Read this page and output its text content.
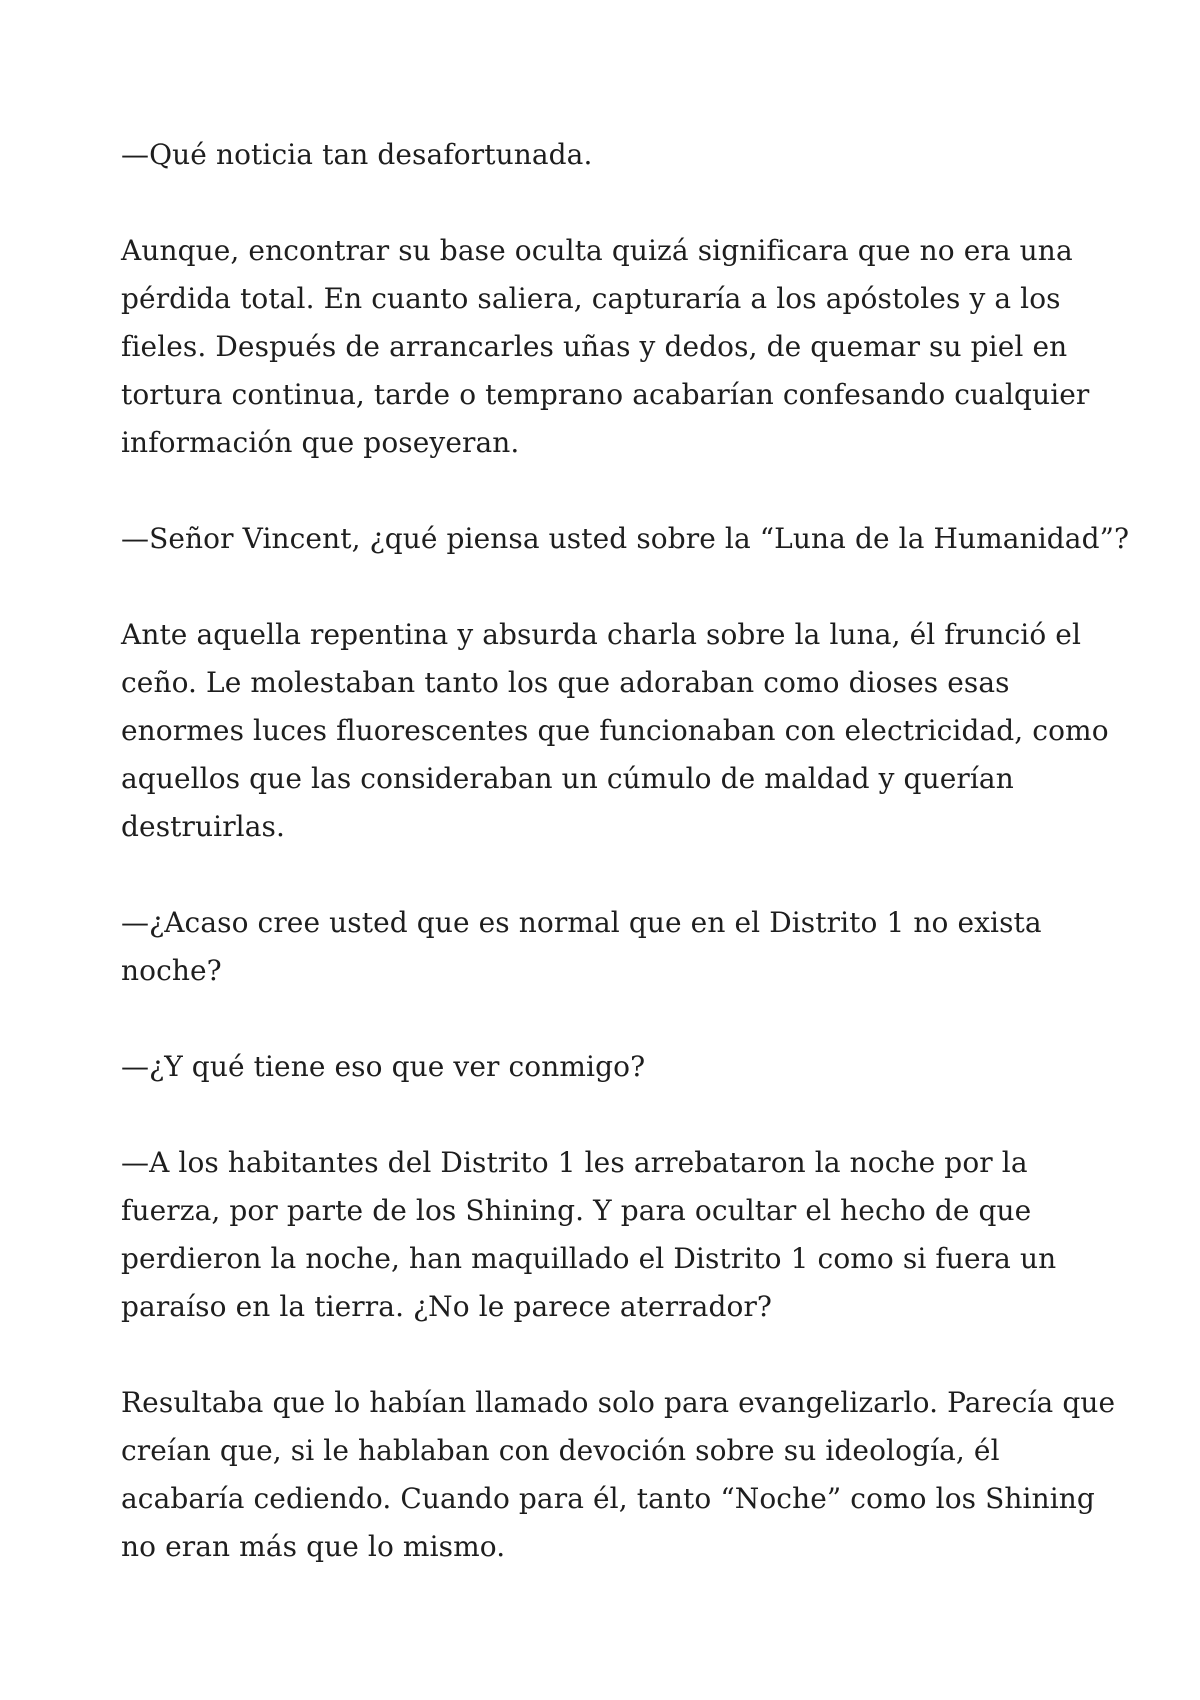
—Qué noticia tan desafortunada.

Aunque, encontrar su base oculta quizá significara que no era una
pérdida total. En cuanto saliera, capturaría a los apóstoles y a los
fieles. Después de arrancarles uñas y dedos, de quemar su piel en
tortura continua, tarde o temprano acabarían confesando cualquier
información que poseyeran.

—Señor Vincent, ¿qué piensa usted sobre la “Luna de la Humanidad”?

Ante aquella repentina y absurda charla sobre la luna, él frunció el
ceño. Le molestaban tanto los que adoraban como dioses esas
enormes luces fluorescentes que funcionaban con electricidad, como
aquellos que las consideraban un cúmulo de maldad y querían
destruirlas.

—¿Acaso cree usted que es normal que en el Distrito 1 no exista
noche?

—¿Y qué tiene eso que ver conmigo?

—A los habitantes del Distrito 1 les arrebataron la noche por la
fuerza, por parte de los Shining. Y para ocultar el hecho de que
perdieron la noche, han maquillado el Distrito 1 como si fuera un
paraíso en la tierra. ¿No le parece aterrador?

Resultaba que lo habían llamado solo para evangelizarlo. Parecía que
creían que, si le hablaban con devoción sobre su ideología, él
acabaría cediendo. Cuando para él, tanto “Noche” como los Shining
no eran más que lo mismo.
